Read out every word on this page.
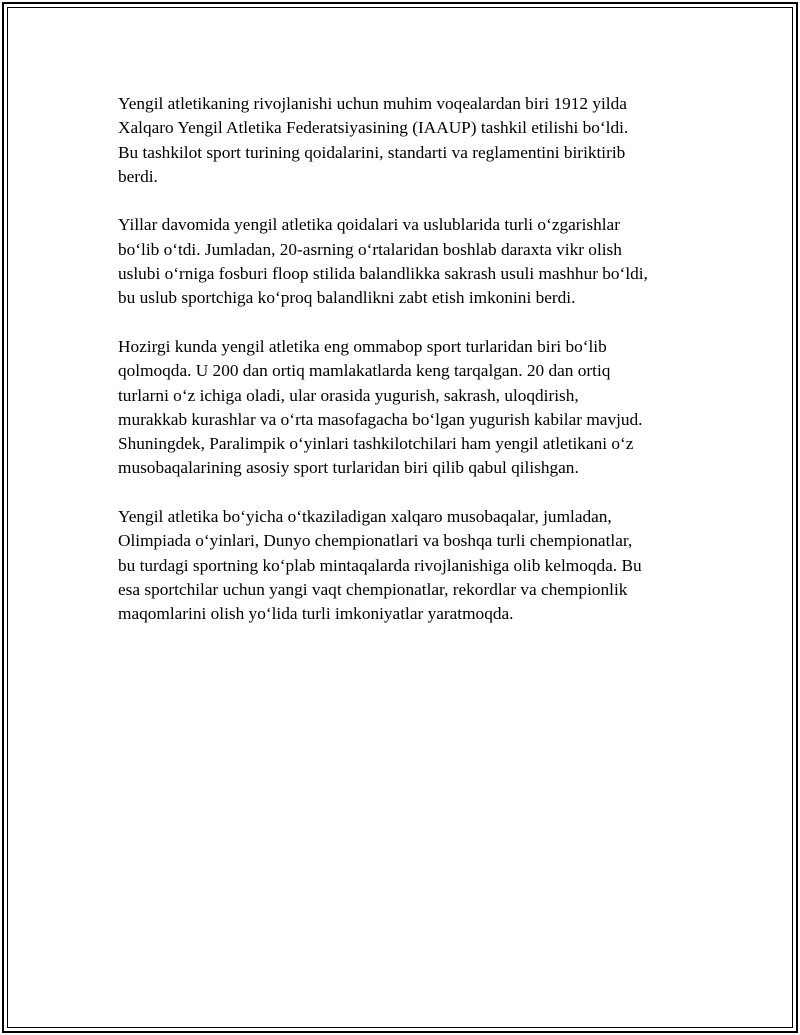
Yengil atletikaning rivojlanishi uchun muhim voqealardan biri 1912 yilda
Xalqaro Yengil Atletika Federatsiyasining (IAAUP) tashkil etilishi boʻldi.
Bu tashkilot sport turining qoidalarini, standarti va reglamentini biriktirib
berdi.

Yillar davomida yengil atletika qoidalari va uslublarida turli oʻzgarishlar
boʻlib oʻtdi. Jumladan, 20-asrning oʻrtalaridan boshlab daraxta vikr olish
uslubi oʻrniga fosburi floop stilida balandlikka sakrash usuli mashhur boʻldi,
bu uslub sportchiga koʻproq balandlikni zabt etish imkonini berdi.

Hozirgi kunda yengil atletika eng ommabop sport turlaridan biri boʻlib
qolmoqda. U 200 dan ortiq mamlakatlarda keng tarqalgan. 20 dan ortiq
turlarni oʻz ichiga oladi, ular orasida yugurish, sakrash, uloqdirish,
murakkab kurashlar va oʻrta masofagacha boʻlgan yugurish kabilar mavjud.
Shuningdek, Paralimpik oʻyinlari tashkilotchilari ham yengil atletikani oʻz
musobaqalarining asosiy sport turlaridan biri qilib qabul qilishgan.

Yengil atletika boʻyicha oʻtkaziladigan xalqaro musobaqalar, jumladan,
Olimpiada oʻyinlari, Dunyo chempionatlari va boshqa turli chempionatlar,
bu turdagi sportning koʻplab mintaqalarda rivojlanishiga olib kelmoqda. Bu
esa sportchilar uchun yangi vaqt chempionatlar, rekordlar va chempionlik
maqomlarini olish yoʻlida turli imkoniyatlar yaratmoqda.
